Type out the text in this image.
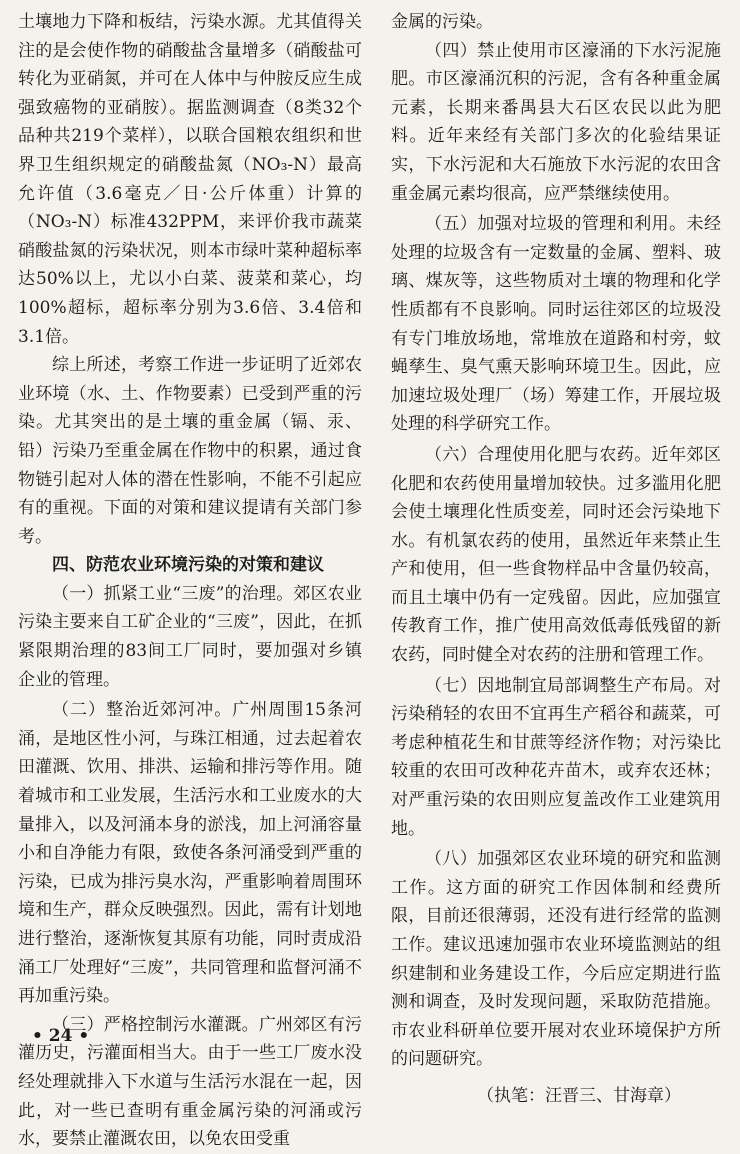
土壤地力下降和板结，污染水源。尤其值得关注的是会使作物的硝酸盐含量增多（硝酸盐可转化为亚硝氮，并可在人体中与仲胺反应生成强致癌物的亚硝胺）。据监测调查（8类32个品种共219个菜样），以联合国粮农组织和世界卫生组织规定的硝酸盐氮（NO₃-N）最高允许值（3.6毫克／日·公斤体重）计算的（NO₃-N）标准432PPM，来评价我市蔬菜硝酸盐氮的污染状况，则本市绿叶菜种超标率达50%以上，尤以小白菜、菠菜和菜心，均100%超标，超标率分别为3.6倍、3.4倍和3.1倍。

综上所述，考察工作进一步证明了近郊农业环境（水、土、作物要素）已受到严重的污染。尤其突出的是土壤的重金属（镉、汞、铅）污染乃至重金属在作物中的积累，通过食物链引起对人体的潜在性影响，不能不引起应有的重视。下面的对策和建议提请有关部门参考。

四、防范农业环境污染的对策和建议

（一）抓紧工业“三废”的治理。郊区农业污染主要来自工矿企业的“三废”，因此，在抓紧限期治理的83间工厂同时，要加强对乡镇企业的管理。

（二）整治近郊河冲。广州周围15条河涌，是地区性小河，与珠江相通，过去起着农田灌溉、饮用、排洪、运输和排污等作用。随着城市和工业发展，生活污水和工业废水的大量排入，以及河涌本身的淤浅，加上河涌容量小和自净能力有限，致使各条河涌受到严重的污染，已成为排污臭水沟，严重影响着周围环境和生产，群众反映强烈。因此，需有计划地进行整治，逐渐恢复其原有功能，同时责成沿涌工厂处理好“三废”，共同管理和监督河涌不再加重污染。

（三）严格控制污水灌溉。广州郊区有污灌历史，污灌面相当大。由于一些工厂废水没经处理就排入下水道与生活污水混在一起，因此，对一些已查明有重金属污染的河涌或污水，要禁止灌溉农田，以免农田受重

金属的污染。

（四）禁止使用市区濠涌的下水污泥施肥。市区濠涌沉积的污泥，含有各种重金属元素，长期来番禺县大石区农民以此为肥料。近年来经有关部门多次的化验结果证实，下水污泥和大石施放下水污泥的农田含重金属元素均很高，应严禁继续使用。

（五）加强对垃圾的管理和利用。未经处理的垃圾含有一定数量的金属、塑料、玻璃、煤灰等，这些物质对土壤的物理和化学性质都有不良影响。同时运往郊区的垃圾没有专门堆放场地，常堆放在道路和村旁，蚊蝇孳生、臭气熏天影响环境卫生。因此，应加速垃圾处理厂（场）筹建工作，开展垃圾处理的科学研究工作。

（六）合理使用化肥与农药。近年郊区化肥和农药使用量增加较快。过多滥用化肥会使土壤理化性质变差，同时还会污染地下水。有机氯农药的使用，虽然近年来禁止生产和使用，但一些食物样品中含量仍较高，而且土壤中仍有一定残留。因此，应加强宣传教育工作，推广使用高效低毒低残留的新农药，同时健全对农药的注册和管理工作。

（七）因地制宜局部调整生产布局。对污染稍轻的农田不宜再生产稻谷和蔬菜，可考虑种植花生和甘蔗等经济作物；对污染比较重的农田可改种花卉苗木，或弃农还林；对严重污染的农田则应复盖改作工业建筑用地。

（八）加强郊区农业环境的研究和监测工作。这方面的研究工作因体制和经费所限，目前还很薄弱，还没有进行经常的监测工作。建议迅速加强市农业环境监测站的组织建制和业务建设工作，今后应定期进行监测和调查，及时发现问题，采取防范措施。市农业科研单位要开展对农业环境保护方所的问题研究。

（执笔：汪晋三、甘海章）

• 24 •
